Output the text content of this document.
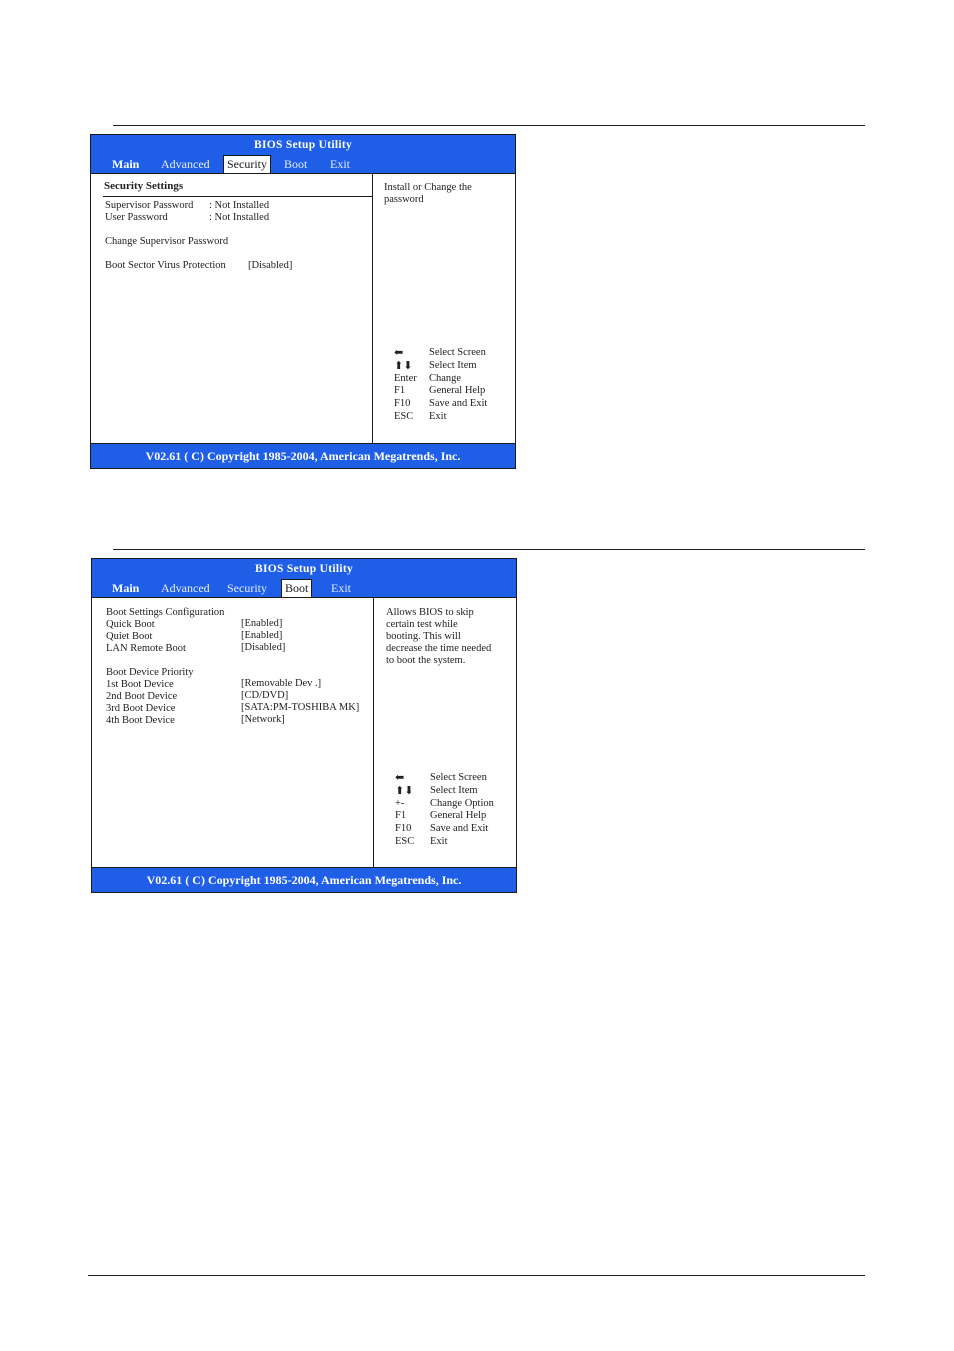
BIOS Setup Utility
Main Advanced	Security	Boot Exit
Security Settings
Supervisor Password : Not Installed
User Password	: Not Installed
Change Supervisor Password
Boot Sector Virus Protection [Disabled]
Install or Change the password
⬅ Select Screen
⬆⬇ Select Item
Enter Change
F1 General Help
F10 Save and Exit
ESC Exit
V02.61 ( C) Copyright 1985-2004, American Megatrends, Inc.
BIOS Setup Utility
Main Advanced Security	Boot	Exit
Boot Settings Configuration
Quick Boot	[Enabled]
Quiet Boot	[Enabled]
LAN Remote Boot	[Disabled]
Boot Device Priority
1st Boot Device	[Removable Dev .]
2nd Boot Device	[CD/DVD]
3rd Boot Device	[SATA:PM-TOSHIBA MK]
4th Boot Device	[Network]
Allows BIOS to skip certain test while booting. This will decrease the time needed to boot the system.
⬅ Select Screen
⬆⬇ Select Item
+- Change Option
F1 General Help
F10 Save and Exit
ESC Exit
V02.61 ( C) Copyright 1985-2004, American Megatrends, Inc.
